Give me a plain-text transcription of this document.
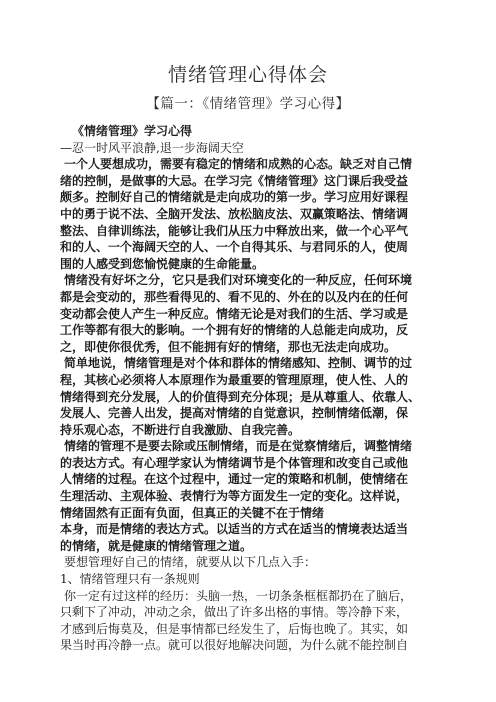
情绪管理心得体会
【篇一：《情绪管理》学习心得】
《情绪管理》学习心得
—忍一时风平浪静,退一步海阔天空
一个人要想成功，需要有稳定的情绪和成熟的心态。缺乏对自己情
绪的控制，是做事的大忌。在学习完《情绪管理》这门课后我受益
颇多。控制好自己的情绪就是走向成功的第一步。学习应用好课程
中的勇于说不法、全脑开发法、放松脑皮法、双赢策略法、情绪调
整法、自律训练法，能够让我们从压力中释放出来，做一个心平气
和的人、一个海阔天空的人、一个自得其乐、与君同乐的人，使周
围的人感受到您愉悦健康的生命能量。
情绪没有好坏之分，它只是我们对环境变化的一种反应，任何环境
都是会变动的，那些看得见的、看不见的、外在的以及内在的任何
变动都会使人产生一种反应。情绪无论是对我们的生活、学习或是
工作等都有很大的影响。一个拥有好的情绪的人总能走向成功，反
之，即使你很优秀，但不能拥有好的情绪，那也无法走向成功。
简单地说，情绪管理是对个体和群体的情绪感知、控制、调节的过
程，其核心必须将人本原理作为最重要的管理原理，使人性、人的
情绪得到充分发展，人的价值得到充分体现；是从尊重人、依靠人、
发展人、完善人出发，提高对情绪的自觉意识，控制情绪低潮，保
持乐观心态，不断进行自我激励、自我完善。
情绪的管理不是要去除或压制情绪，而是在觉察情绪后，调整情绪
的表达方式。有心理学家认为情绪调节是个体管理和改变自己或他
人情绪的过程。在这个过程中，通过一定的策略和机制，使情绪在
生理活动、主观体验、表情行为等方面发生一定的变化。这样说，
情绪固然有正面有负面，但真正的关键不在于情绪
本身，而是情绪的表达方式。以适当的方式在适当的情境表达适当
的情绪，就是健康的情绪管理之道。
要想管理好自己的情绪，就要从以下几点入手：
1、情绪管理只有一条规则
你一定有过这样的经历：头脑一热，一切条条框框都扔在了脑后，
只剩下了冲动，冲动之余，做出了许多出格的事情。等冷静下来，
才感到后悔莫及，但是事情都已经发生了，后悔也晚了。其实，如
果当时再冷静一点。就可以很好地解决问题，为什么就不能控制自
